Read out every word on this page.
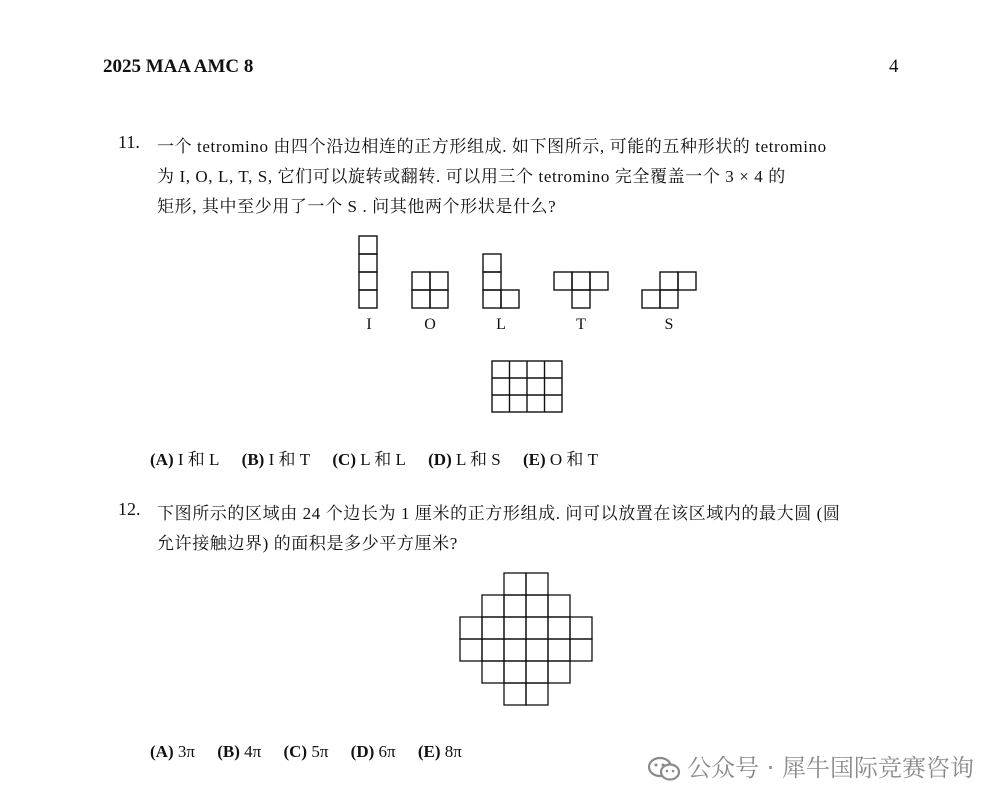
2025 MAA AMC 8	4
11. 一个 tetromino 由四个沿边相连的正方形组成. 如下图所示, 可能的五种形状的 tetromino
为 I, O, L, T, S, 它们可以旋转或翻转. 可以用三个 tetromino 完全覆盖一个 3 × 4 的
矩形, 其中至少用了一个 S . 问其他两个形状是什么?
I	O	L	T	S
(A) I 和 L (B) I 和 T (C) L 和 L (D) L 和 S (E) O 和 T
12. 下图所示的区域由 24 个边长为 1 厘米的正方形组成. 问可以放置在该区域内的最大圆 (圆
允许接触边界) 的面积是多少平方厘米?
(A) 3π (B) 4π (C) 5π (D) 6π (E) 8π
公众号 · 犀牛国际竞赛咨询
